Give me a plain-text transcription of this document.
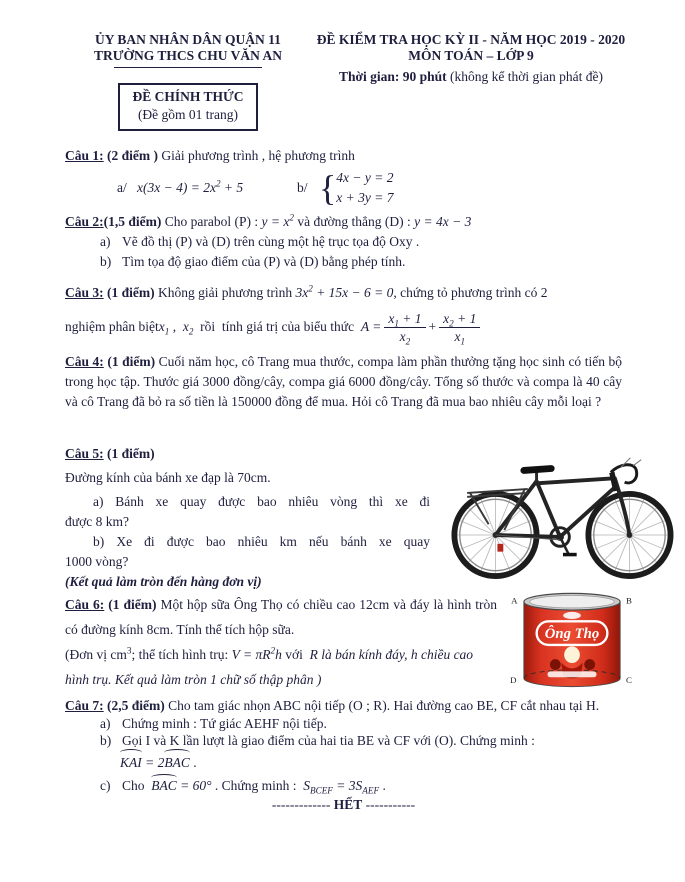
ỦY BAN NHÂN DÂN QUẬN 11
TRƯỜNG THCS CHU VĂN AN
ĐỀ CHÍNH THỨC
(Đề gồm 01 trang)
ĐỀ KIỂM TRA HỌC KỲ II - NĂM HỌC 2019 - 2020
MÔN TOÁN – LỚP 9
Thời gian: 90 phút (không kể thời gian phát đề)
Câu 1: (2 điểm ) Giải phương trình , hệ phương trình
a/ $x(3x - 4) = 2x^2 + 5$	b/ { 4x − y = 2
x + 3y = 7
Câu 2:(1,5 điểm) Cho parabol (P) : $y = x^2$ và đường thẳng (D) : y = 4x − 3
a) Vẽ đồ thị (P) và (D) trên cùng một hệ trục tọa độ Oxy .
b) Tìm tọa độ giao điểm của (P) và (D) bằng phép tính.
Câu 3: (1 điểm) Không giải phương trình $3x^2 + 15x - 6 = 0$, chứng tỏ phương trình có 2
nghiệm phân biệt $x_1$ , $x_2$ rồi  tính giá trị của biểu thức $A = \frac{x_1 + 1}{x_2} + \frac{x_2 + 1}{x_1}$
Câu 4: (1 điểm) Cuối năm học, cô Trang mua thước, compa làm phần thưởng tặng học sinh có tiến bộ trong học tập. Thước giá 3000 đồng/cây, compa giá 6000 đồng/cây. Tổng số thước và compa là 40 cây và cô Trang đã bỏ ra số tiền là 150000 đồng để mua. Hỏi cô Trang đã mua bao nhiêu cây mỗi loại ?
Câu 5: (1 điểm)
Đường kính của bánh xe đạp là 70cm.
a) Bánh xe quay được bao nhiêu vòng thì xe đi
được 8 km?
b) Xe đi được bao nhiêu km nếu bánh xe quay
1000 vòng?
(Kết quả làm tròn đến hàng đơn vị)
Ông Thọ
A	B
D	C
Câu 6: (1 điểm) Một hộp sữa Ông Thọ có chiều cao 12cm và đáy là hình tròn có đường kính 8cm. Tính thể tích hộp sữa.
(Đơn vị $cm^3$; thể tích hình trụ: $V = \pi R^2h$ với  R là bán kính đáy, h chiều cao hình trụ. Kết quả làm tròn 1 chữ số thập phân )
Câu 7: (2,5 điểm) Cho tam giác nhọn ABC nội tiếp (O ; R). Hai đường cao BE, CF cắt nhau tại H.
a) Chứng minh : Tứ giác AEHF nội tiếp.
b) Gọi I và K lần lượt là giao điểm của hai tia BE và CF với (O). Chứng minh :
KAI = 2BAC .
c) Cho  BAC = 60° . Chứng minh :  $S_{BCEF} = 3S_{AEF}$ .
------------- HẾT -----------
